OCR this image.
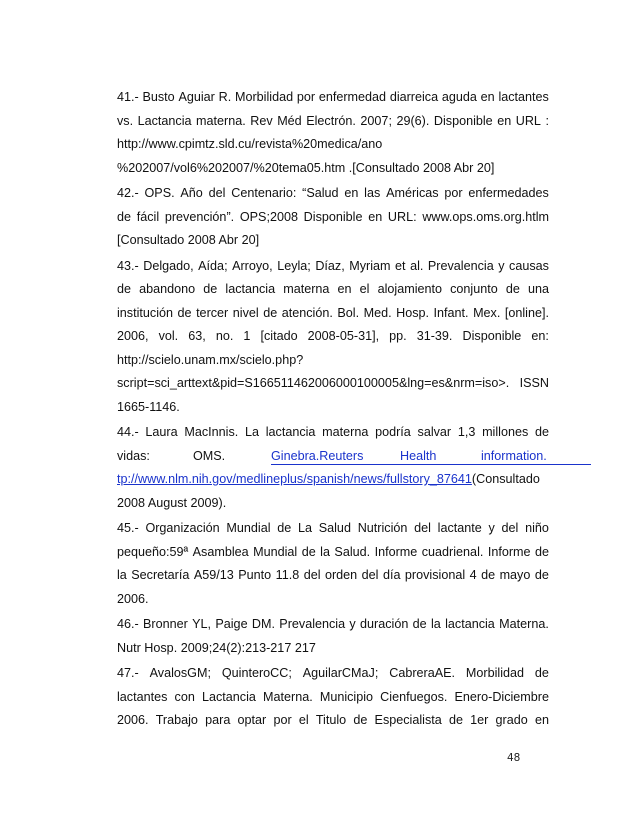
41.- Busto Aguiar R. Morbilidad por enfermedad diarreica aguda en lactantes
vs. Lactancia materna. Rev Méd Electrón. 2007; 29(6). Disponible en URL :
http://www.cpimtz.sld.cu/revista%20medica/ano
%202007/vol6%202007/%20tema05.htm .[Consultado 2008 Abr 20]
42.- OPS. Año del Centenario: “Salud en las Américas por enfermedades
de fácil prevención”. OPS;2008 Disponible en URL: www.ops.oms.org.htlm
[Consultado 2008 Abr 20]
43.- Delgado, Aída; Arroyo, Leyla; Díaz, Myriam et al. Prevalencia y causas
de abandono de lactancia materna en el alojamiento conjunto de una
institución de tercer nivel de atención. Bol. Med. Hosp. Infant. Mex. [online].
2006, vol. 63, no. 1 [citado 2008-05-31], pp. 31-39. Disponible en:
http://scielo.unam.mx/scielo.php?
script=sci_arttext&pid=S166511462006000100005&lng=es&nrm=iso>. ISSN
1665-1146.
44.- Laura MacInnis. La lactancia materna podría salvar 1,3 millones de
vidas:	OMS.	Ginebra.Reuters	Health	information.
tp://www.nlm.nih.gov/medlineplus/spanish/news/fullstory_87641(Consultado
2008 August 2009).
45.- Organización Mundial de La Salud Nutrición del lactante y del niño
pequeño:59ª Asamblea Mundial de la Salud. Informe cuadrienal. Informe de
la Secretaría A59/13 Punto 11.8 del orden del día provisional 4 de mayo de
2006.
46.- Bronner YL, Paige DM. Prevalencia y duración de la lactancia Materna.
Nutr Hosp. 2009;24(2):213-217 217
47.- AvalosGM; QuinteroCC; AguilarCMaJ; CabreraAE. Morbilidad de
lactantes con Lactancia Materna. Municipio Cienfuegos. Enero-Diciembre
2006. Trabajo para optar por el Titulo de Especialista de 1er grado en
48
